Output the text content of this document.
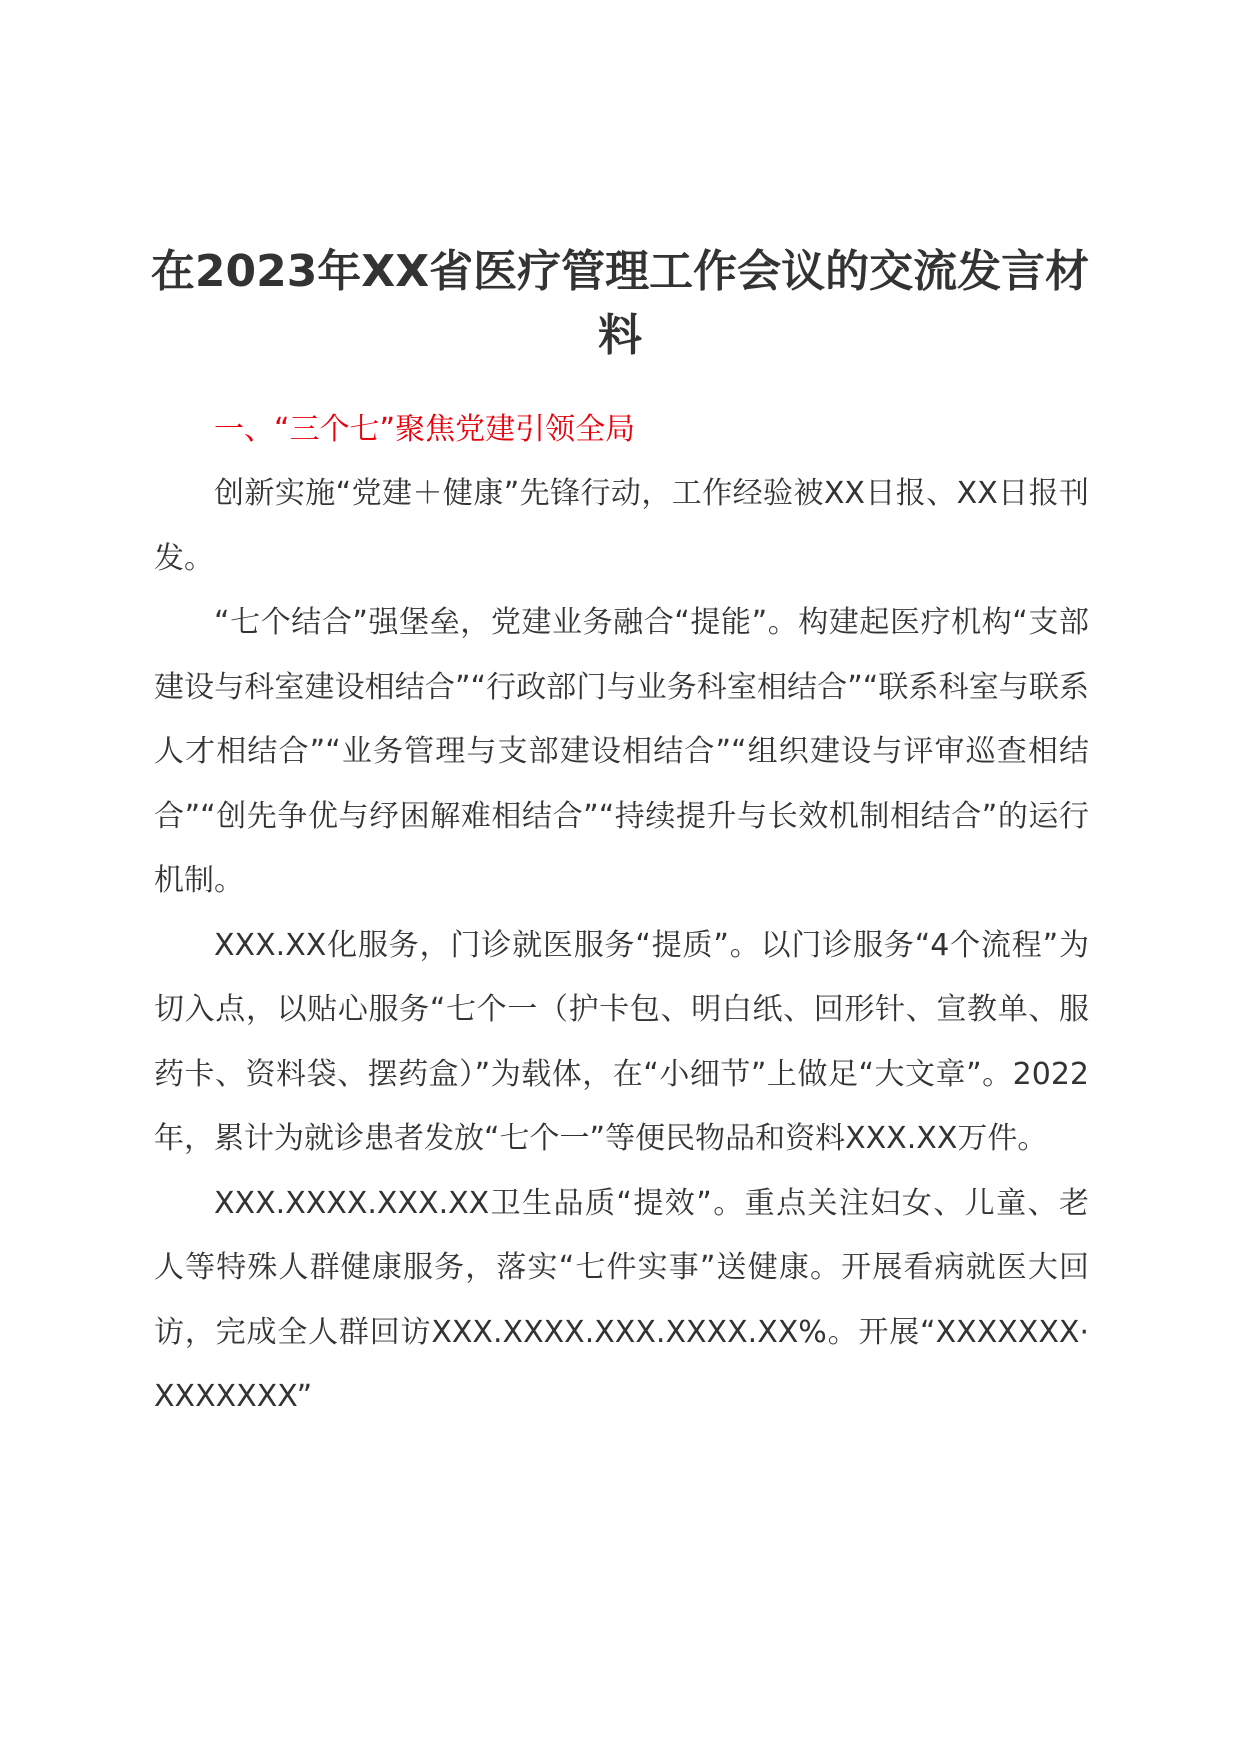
在2023年XX省医疗管理工作会议的交流发言材料
一、“三个七”聚焦党建引领全局

创新实施“党建＋健康”先锋行动，工作经验被XX日报、XX日报刊发。

“七个结合”强堡垒，党建业务融合“提能”。构建起医疗机构“支部建设与科室建设相结合”“行政部门与业务科室相结合”“联系科室与联系人才相结合”“业务管理与支部建设相结合”“组织建设与评审巡查相结合”“创先争优与纾困解难相结合”“持续提升与长效机制相结合”的运行机制。

XXX.XX化服务，门诊就医服务“提质”。以门诊服务“4个流程”为切入点，以贴心服务“七个一（护卡包、明白纸、回形针、宣教单、服药卡、资料袋、摆药盒）”为载体，在“小细节”上做足“大文章”。2022年，累计为就诊患者发放“七个一”等便民物品和资料XXX.XX万件。

XXX.XXXX.XXX.XX卫生品质“提效”。重点关注妇女、儿童、老人等特殊人群健康服务，落实“七件实事”送健康。开展看病就医大回访，完成全人群回访XXX.XXXX.XXX.XXXX.XX%。开展“XXXXXXX·XXXXXXX”
